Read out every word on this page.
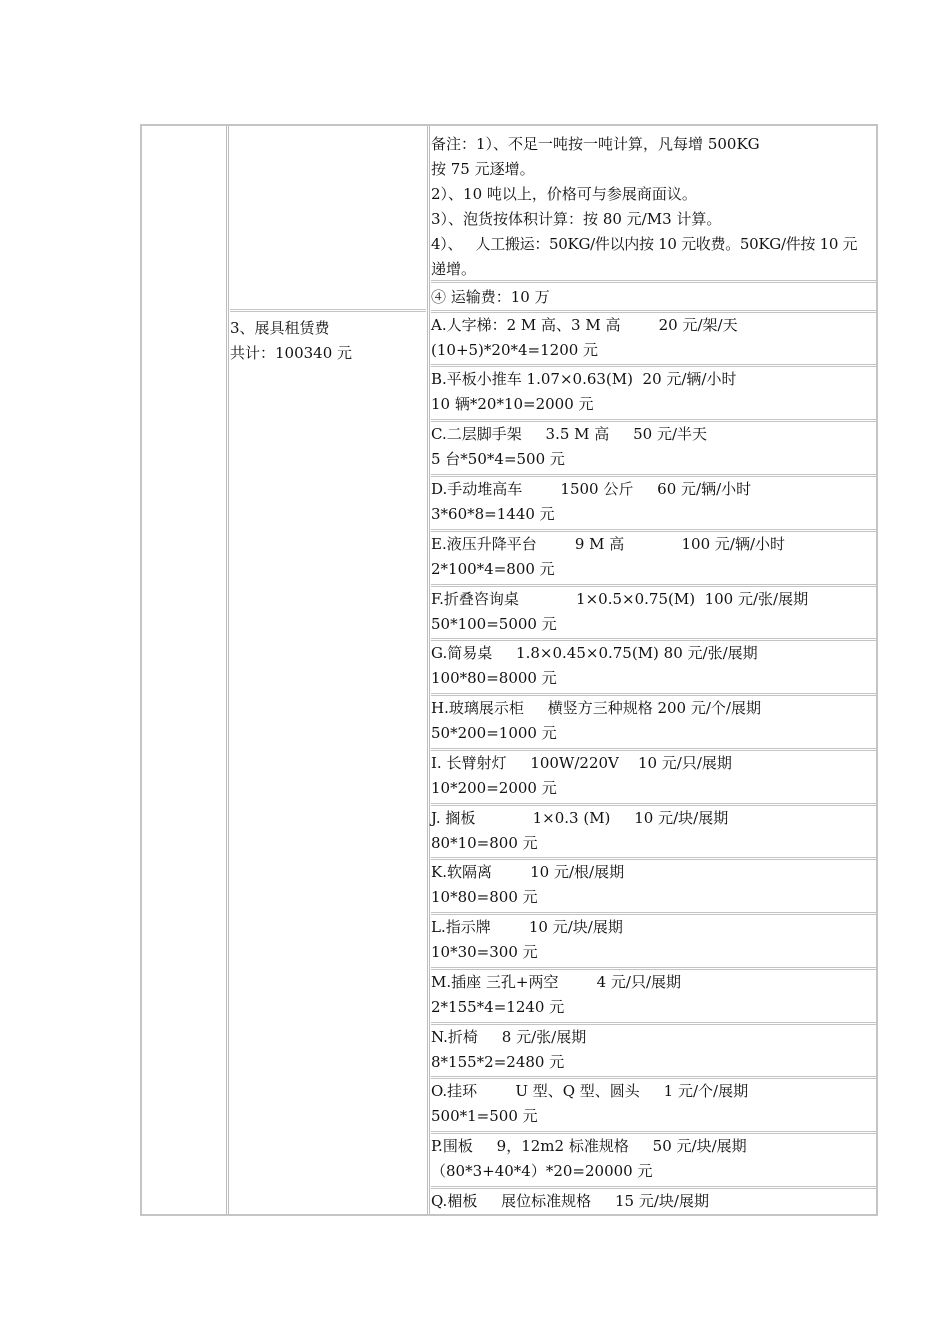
备注：1）、不足一吨按一吨计算，凡每增 500KG
按 75 元逐增。
2）、10 吨以上，价格可与参展商面议。
3）、泡货按体积计算：按 80 元/M3 计算。
4）、   人工搬运：50KG/件以内按 10 元收费。50KG/件按 10 元
递增。
④ 运输费：10 万
3、展具租赁费
共计：100340 元
A.人字梯：2 M 高、3 M 高        20 元/架/天
(10+5)*20*4=1200 元
B.平板小推车 1.07×0.63(M)  20 元/辆/小时
10 辆*20*10=2000 元
C.二层脚手架     3.5 M 高     50 元/半天
5 台*50*4=500 元
D.手动堆高车        1500 公斤     60 元/辆/小时
3*60*8=1440 元
E.液压升降平台        9 M 高            100 元/辆/小时
2*100*4=800 元
F.折叠咨询桌            1×0.5×0.75(M)  100 元/张/展期
50*100=5000 元
G.简易桌     1.8×0.45×0.75(M) 80 元/张/展期
100*80=8000 元
H.玻璃展示柜     横竖方三种规格 200 元/个/展期
50*200=1000 元
I. 长臂射灯     100W/220V    10 元/只/展期
10*200=2000 元
J. 搁板            1×0.3 (M)     10 元/块/展期
80*10=800 元
K.软隔离        10 元/根/展期
10*80=800 元
L.指示牌        10 元/块/展期
10*30=300 元
M.插座 三孔+两空        4 元/只/展期
2*155*4=1240 元
N.折椅     8 元/张/展期
8*155*2=2480 元
O.挂环        U 型、Q 型、圆头     1 元/个/展期
500*1=500 元
P.围板     9，12m2 标准规格     50 元/块/展期
（80*3+40*4）*20=20000 元
Q.楣板     展位标准规格     15 元/块/展期
